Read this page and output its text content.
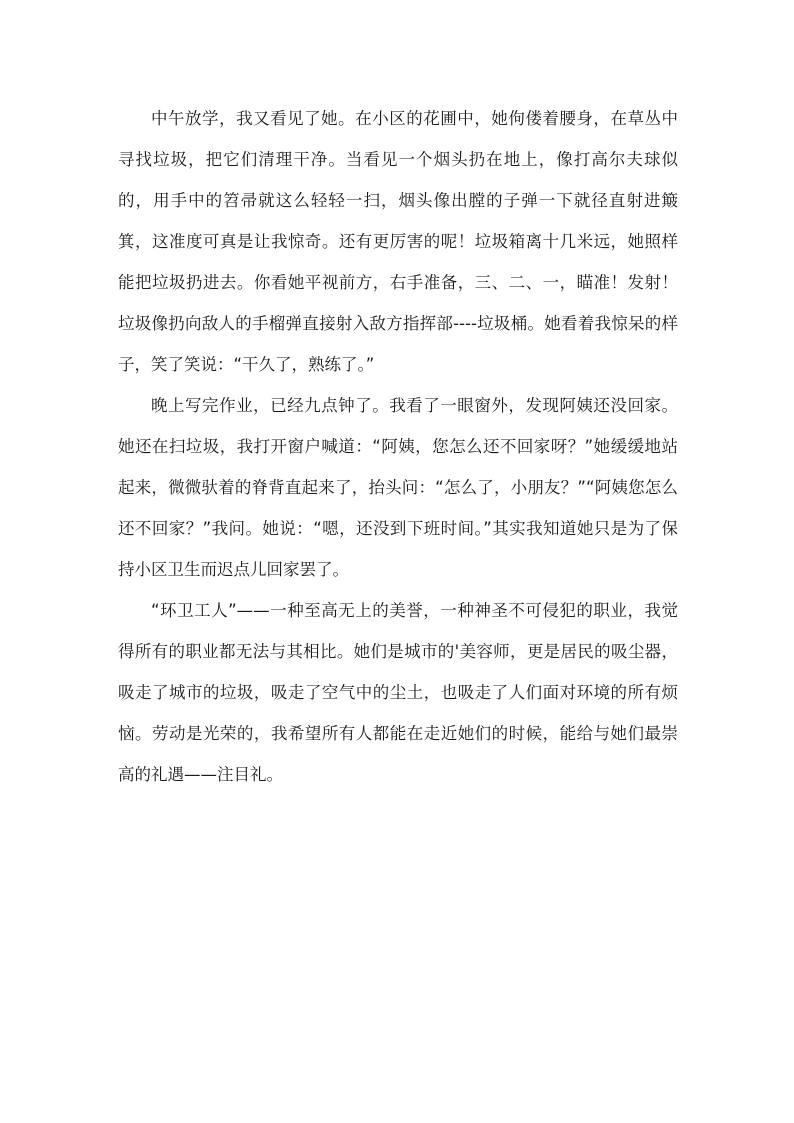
中午放学，我又看见了她。在小区的花圃中，她佝偻着腰身，在草丛中寻找垃圾，把它们清理干净。当看见一个烟头扔在地上，像打高尔夫球似的，用手中的笤帚就这么轻轻一扫，烟头像出膛的子弹一下就径直射进簸箕，这准度可真是让我惊奇。还有更厉害的呢！垃圾箱离十几米远，她照样能把垃圾扔进去。你看她平视前方，右手准备，三、二、一，瞄准！发射！垃圾像扔向敌人的手榴弹直接射入敌方指挥部----垃圾桶。她看着我惊呆的样子，笑了笑说：“干久了，熟练了。”

晚上写完作业，已经九点钟了。我看了一眼窗外，发现阿姨还没回家。她还在扫垃圾，我打开窗户喊道：“阿姨，您怎么还不回家呀？”她缓缓地站起来，微微驮着的脊背直起来了，抬头问：“怎么了，小朋友？”“阿姨您怎么还不回家？”我问。她说：“嗯，还没到下班时间。”其实我知道她只是为了保持小区卫生而迟点儿回家罢了。

“环卫工人”——一种至高无上的美誉，一种神圣不可侵犯的职业，我觉得所有的职业都无法与其相比。她们是城市的'美容师，更是居民的吸尘器，吸走了城市的垃圾，吸走了空气中的尘土，也吸走了人们面对环境的所有烦恼。劳动是光荣的，我希望所有人都能在走近她们的时候，能给与她们最崇高的礼遇——注目礼。
